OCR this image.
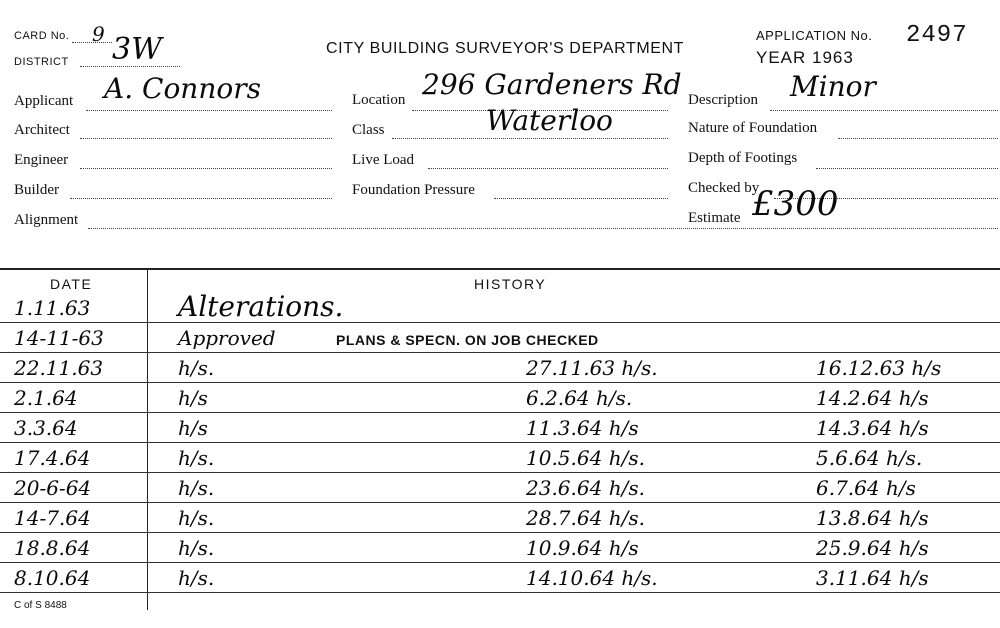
CARD No. 9
DISTRICT 3W	CITY BUILDING SURVEYOR'S DEPARTMENT
APPLICATION No. 2497
YEAR 1963
Applicant A. Connors
Architect
Engineer
Builder
Alignment
Location 296 Gardeners Rd
Class	Waterloo
Live Load
Foundation Pressure
Description Minor
Nature of Foundation
Depth of Footings
Checked by
Estimate £300
DATE	HISTORY
1.11.63	Alterations.
14-11-63	Approved	PLANS & SPECN. ON JOB CHECKED
22.11.63	h/s.	27.11.63 h/s.	16.12.63 h/s
2.1.64	h/s	6.2.64 h/s.	14.2.64 h/s
3.3.64	h/s	11.3.64 h/s	14.3.64 h/s
17.4.64	h/s.	10.5.64 h/s.	5.6.64 h/s.
20-6-64	h/s.	23.6.64 h/s.	6.7.64 h/s
14-7.64	h/s.	28.7.64 h/s.	13.8.64 h/s
18.8.64	h/s.	10.9.64 h/s	25.9.64 h/s
8.10.64	h/s.	14.10.64 h/s.	3.11.64 h/s
C of S 8488
